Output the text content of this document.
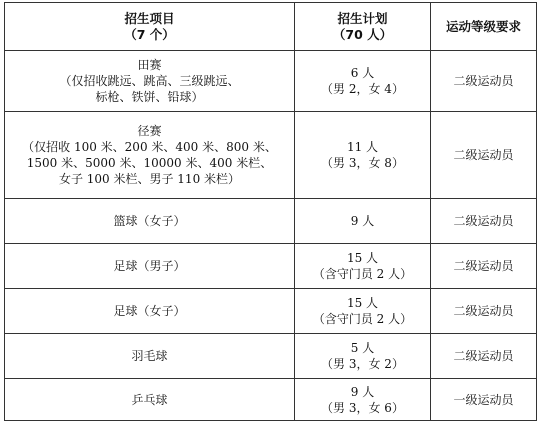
招生项目
（7 个）	招生计划
（70 人）	运动等级要求

田赛
（仅招收跳远、跳高、三级跳远、
标枪、铁饼、铅球）	6 人
（男 2，女 4）	二级运动员

径赛
（仅招收 100 米、200 米、400 米、800 米、
1500 米、5000 米、10000 米、400 米栏、
女子 100 米栏、男子 110 米栏）	11 人
（男 3，女 8）	二级运动员

篮球（女子）	9 人	二级运动员

足球（男子）	15 人
（含守门员 2 人）	二级运动员

足球（女子）	15 人
（含守门员 2 人）	二级运动员

羽毛球	5 人
（男 3，女 2）	二级运动员

乒乓球	9 人
（男 3，女 6）	一级运动员
